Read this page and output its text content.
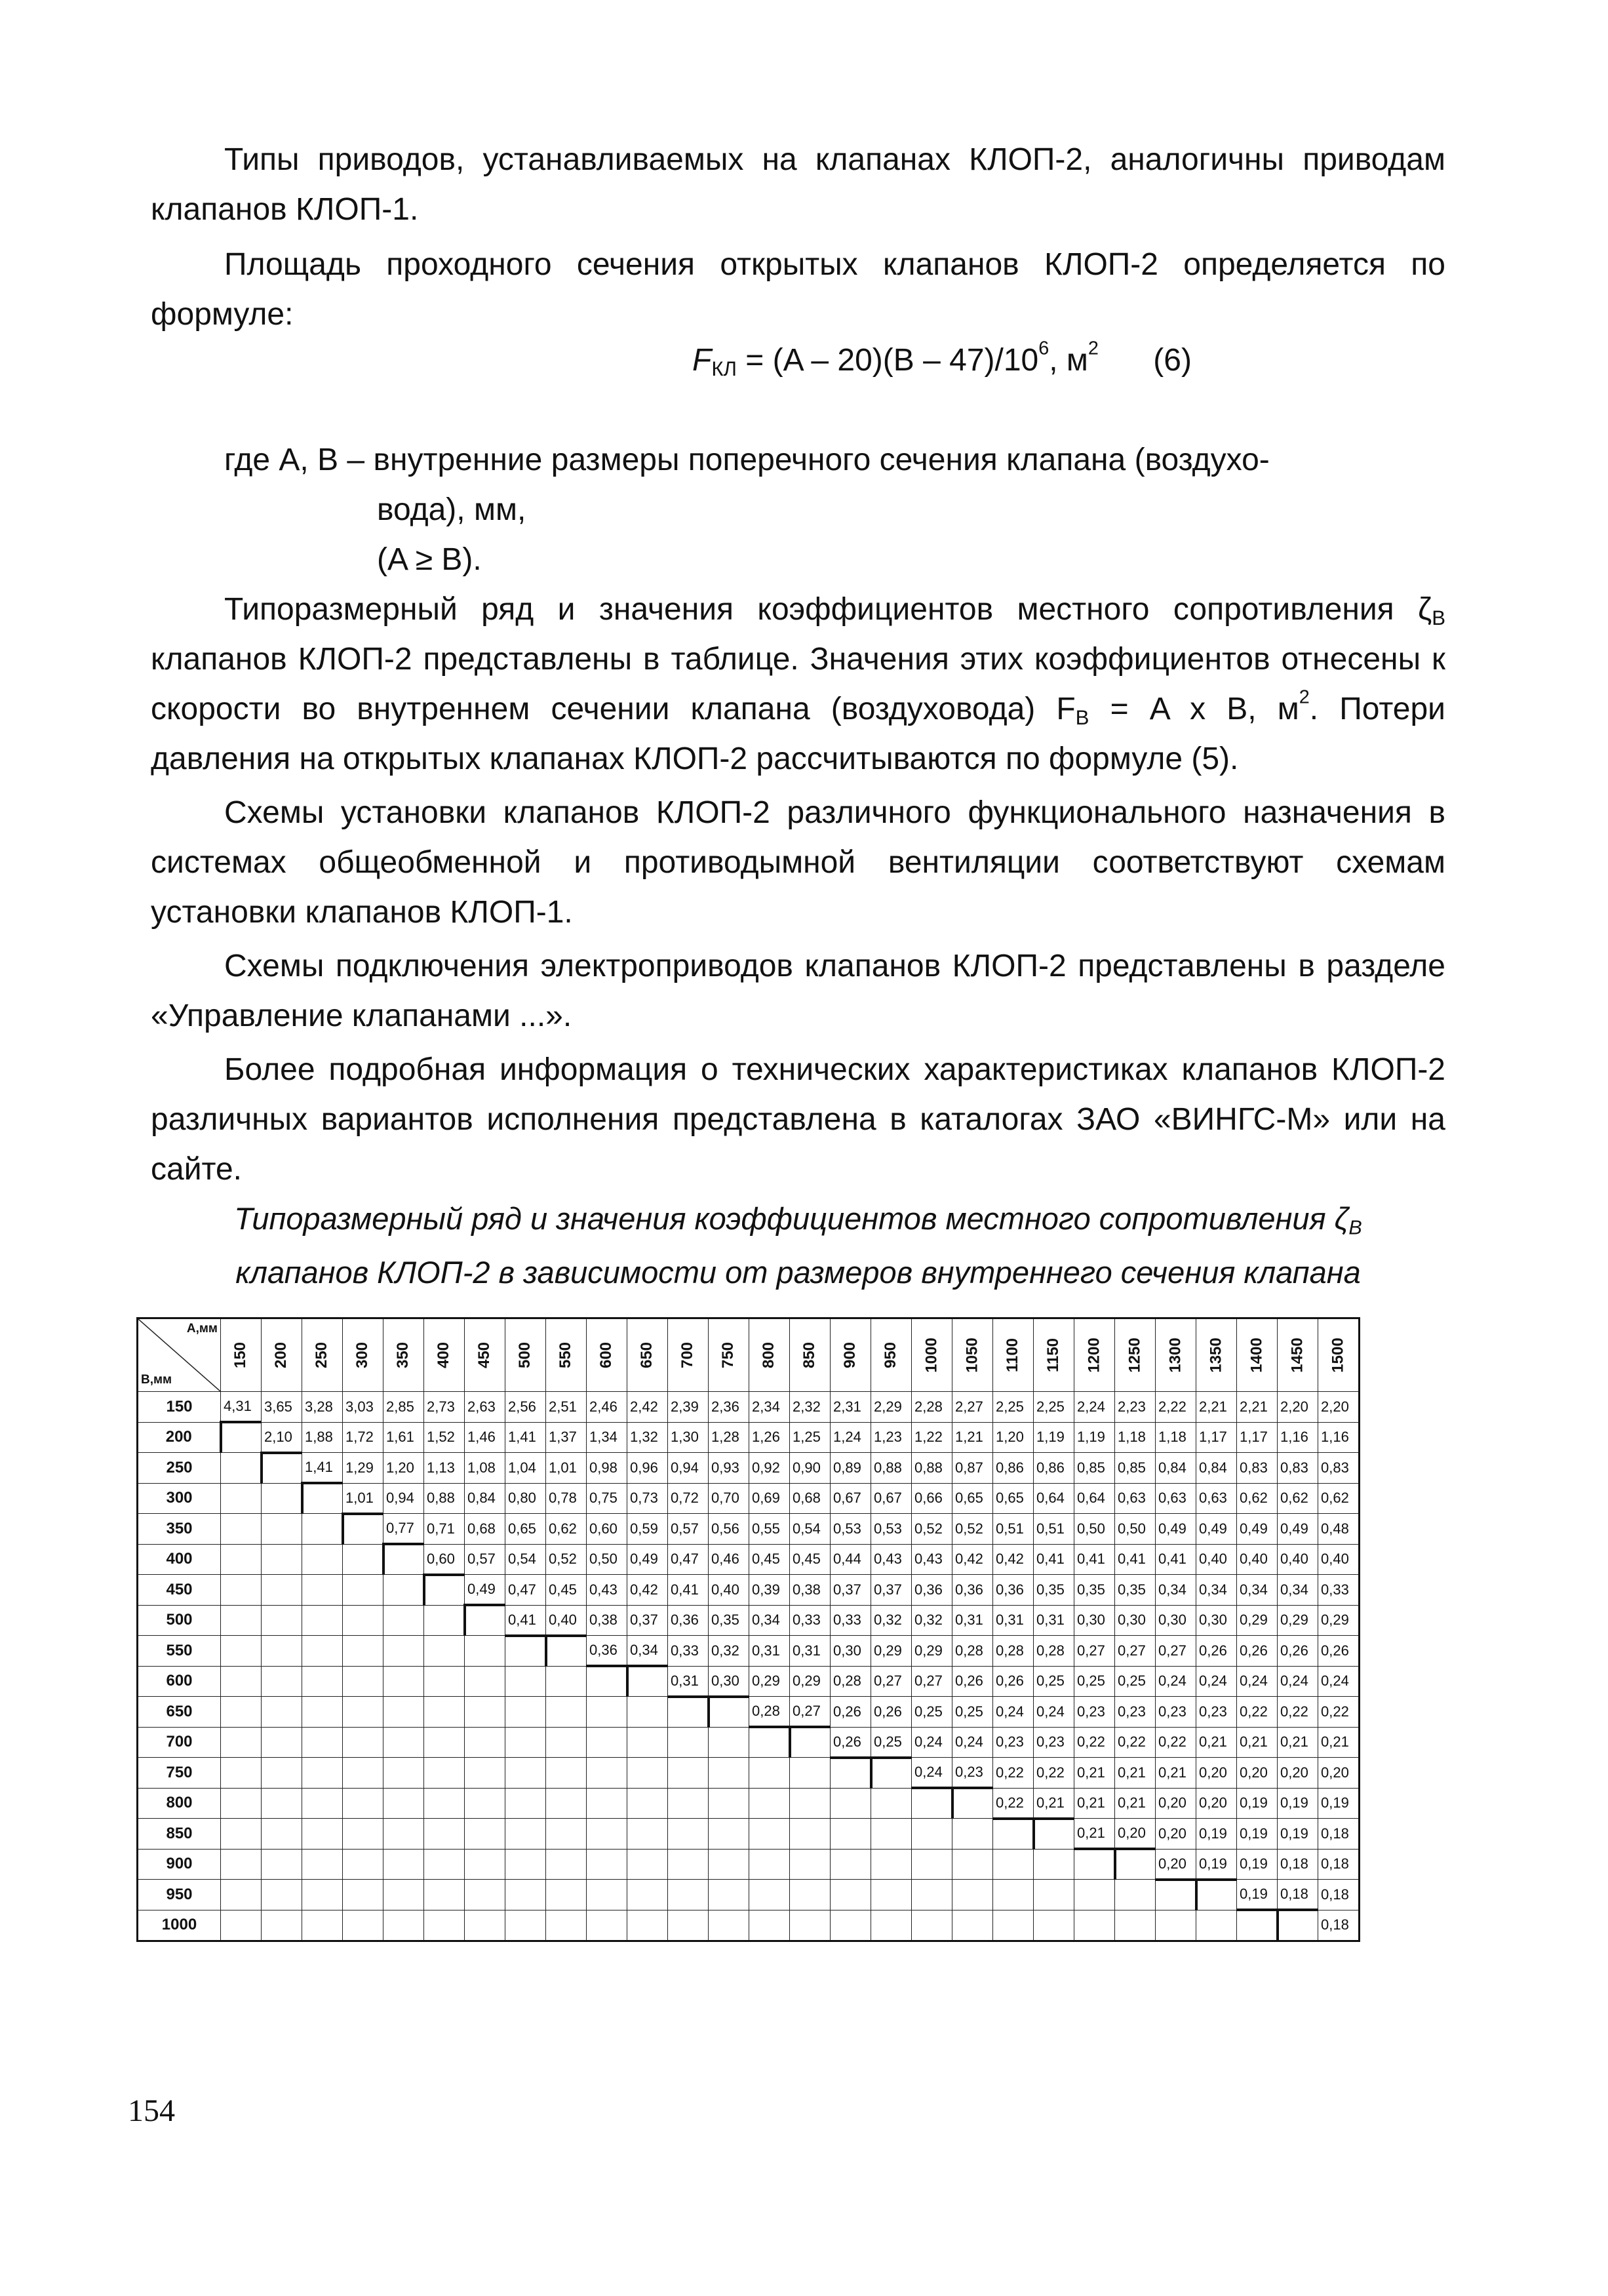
Типы приводов, устанавливаемых на клапанах КЛОП-2, аналогичны приводам клапанов КЛОП-1.

Площадь проходного сечения открытых клапанов КЛОП-2 определяется по формуле:

$F_{КЛ} = (A - 20)(B - 47)/10^6$, $м^2$ (6)
где A, B – внутренние размеры поперечного сечения клапана (воздухо-
вода), мм,
(A ≥ B).

Типоразмерный ряд и значения коэффициентов местного сопротивления $\zeta_В$ клапанов КЛОП-2 представлены в таблице. Значения этих коэффициентов отнесены к скорости во внутреннем сечении клапана (воздуховода) $F_В = A$ x B, $м^2$. Потери давления на открытых клапанах КЛОП-2 рассчитываются по формуле (5).

Схемы установки клапанов КЛОП-2 различного функционального назначения в системах общеобменной и противодымной вентиляции соответствуют схемам установки клапанов КЛОП-1.

Схемы подключения электроприводов клапанов КЛОП-2 представлены в разделе «Управление клапанами ...».

Более подробная информация о технических характеристиках клапанов КЛОП-2 различных вариантов исполнения представлена в каталогах ЗАО «ВИНГС-М» или на сайте.

Типоразмерный ряд и значения коэффициентов местного сопротивления $\zeta_В$
клапанов КЛОП-2 в зависимости от размеров внутреннего сечения клапана
A,мм
B,мм	150	200	250	300	350	400	450	500	550	600	650	700	750	800	850	900	950	1000	1050	1100	1150	1200	1250	1300	1350	1400	1450	1500
150	4,31	3,65	3,28	3,03	2,85	2,73	2,63	2,56	2,51	2,46	2,42	2,39	2,36	2,34	2,32	2,31	2,29	2,28	2,27	2,25	2,25	2,24	2,23	2,22	2,21	2,21	2,20	2,20
200		2,10	1,88	1,72	1,61	1,52	1,46	1,41	1,37	1,34	1,32	1,30	1,28	1,26	1,25	1,24	1,23	1,22	1,21	1,20	1,19	1,19	1,18	1,18	1,17	1,17	1,16	1,16
250			1,41	1,29	1,20	1,13	1,08	1,04	1,01	0,98	0,96	0,94	0,93	0,92	0,90	0,89	0,88	0,88	0,87	0,86	0,86	0,85	0,85	0,84	0,84	0,83	0,83	0,83
300				1,01	0,94	0,88	0,84	0,80	0,78	0,75	0,73	0,72	0,70	0,69	0,68	0,67	0,67	0,66	0,65	0,65	0,64	0,64	0,63	0,63	0,63	0,62	0,62	0,62
350					0,77	0,71	0,68	0,65	0,62	0,60	0,59	0,57	0,56	0,55	0,54	0,53	0,53	0,52	0,52	0,51	0,51	0,50	0,50	0,49	0,49	0,49	0,49	0,48
400						0,60	0,57	0,54	0,52	0,50	0,49	0,47	0,46	0,45	0,45	0,44	0,43	0,43	0,42	0,42	0,41	0,41	0,41	0,41	0,40	0,40	0,40	0,40
450							0,49	0,47	0,45	0,43	0,42	0,41	0,40	0,39	0,38	0,37	0,37	0,36	0,36	0,36	0,35	0,35	0,35	0,34	0,34	0,34	0,34	0,33
500								0,41	0,40	0,38	0,37	0,36	0,35	0,34	0,33	0,33	0,32	0,32	0,31	0,31	0,31	0,30	0,30	0,30	0,30	0,29	0,29	0,29
550										0,36	0,34	0,33	0,32	0,31	0,31	0,30	0,29	0,29	0,28	0,28	0,28	0,27	0,27	0,27	0,26	0,26	0,26	0,26
600												0,31	0,30	0,29	0,29	0,28	0,27	0,27	0,26	0,26	0,25	0,25	0,25	0,24	0,24	0,24	0,24	0,24
650														0,28	0,27	0,26	0,26	0,25	0,25	0,24	0,24	0,23	0,23	0,23	0,23	0,22	0,22	0,22
700																0,26	0,25	0,24	0,24	0,23	0,23	0,22	0,22	0,22	0,21	0,21	0,21	0,21
750																		0,24	0,23	0,22	0,22	0,21	0,21	0,21	0,20	0,20	0,20	0,20
800																				0,22	0,21	0,21	0,21	0,20	0,20	0,19	0,19	0,19
850																						0,21	0,20	0,20	0,19	0,19	0,19	0,18
900																								0,20	0,19	0,19	0,18	0,18
950																										0,19	0,18	0,18
1000																												0,18
154
